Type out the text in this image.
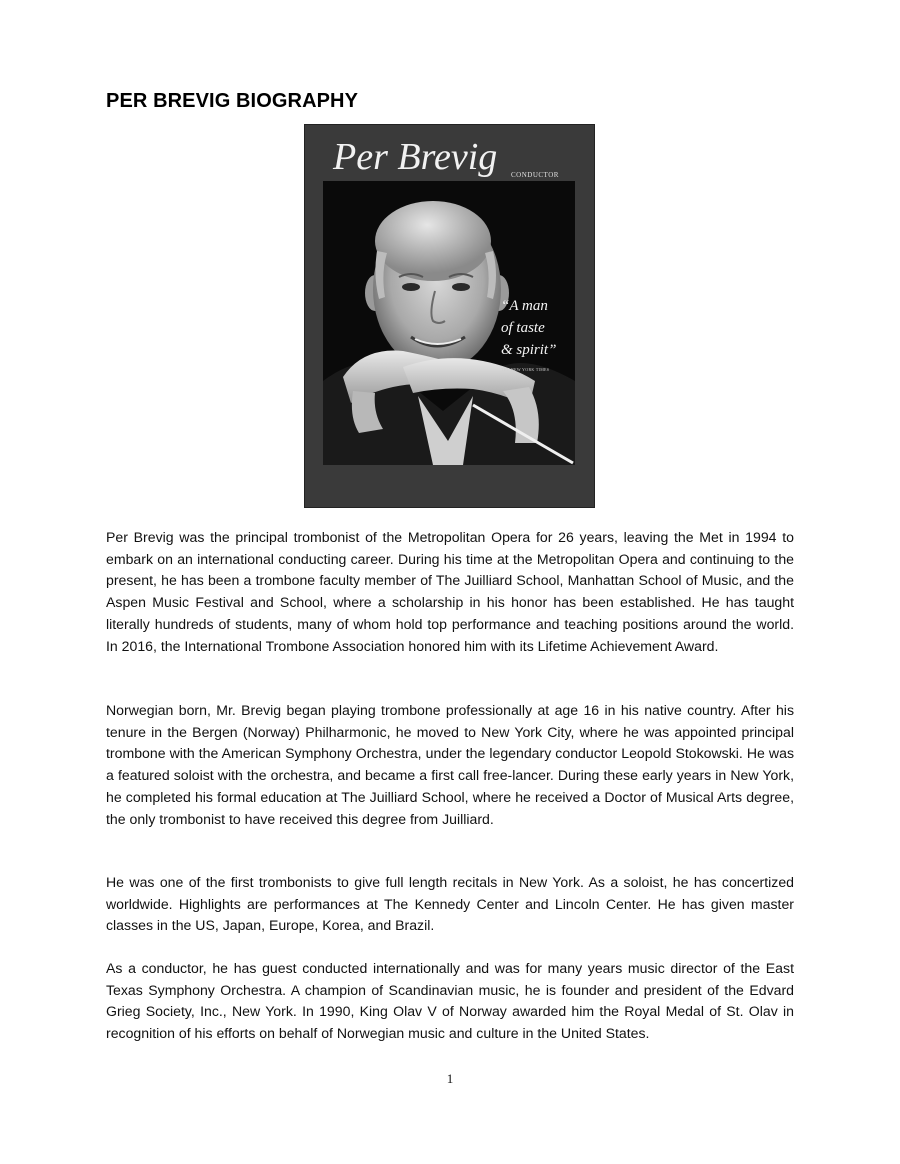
PER BREVIG BIOGRAPHY
Per Brevig CONDUCTOR
“A man
of taste
& spirit”
THE NEW YORK TIMES

Per Brevig was the principal trombonist of the Metropolitan Opera for 26 years, leaving the Met in 1994 to embark on an international conducting career. During his time at the Metropolitan Opera and continuing to the present, he has been a trombone faculty member of The Juilliard School, Manhattan School of Music, and the Aspen Music Festival and School, where a scholarship in his honor has been established. He has taught literally hundreds of students, many of whom hold top performance and teaching positions around the world. In 2016, the International Trombone Association honored him with its Lifetime Achievement Award.

Norwegian born, Mr. Brevig began playing trombone professionally at age 16 in his native country. After his tenure in the Bergen (Norway) Philharmonic, he moved to New York City, where he was appointed principal trombone with the American Symphony Orchestra, under the legendary conductor Leopold Stokowski. He was a featured soloist with the orchestra, and became a first call free-lancer. During these early years in New York, he completed his formal education at The Juilliard School, where he received a Doctor of Musical Arts degree, the only trombonist to have received this degree from Juilliard.

He was one of the first trombonists to give full length recitals in New York. As a soloist, he has concertized worldwide. Highlights are performances at The Kennedy Center and Lincoln Center. He has given master classes in the US, Japan, Europe, Korea, and Brazil.

As a conductor, he has guest conducted internationally and was for many years music director of the East Texas Symphony Orchestra. A champion of Scandinavian music, he is founder and president of the Edvard Grieg Society, Inc., New York. In 1990, King Olav V of Norway awarded him the Royal Medal of St. Olav in recognition of his efforts on behalf of Norwegian music and culture in the United States.

1
